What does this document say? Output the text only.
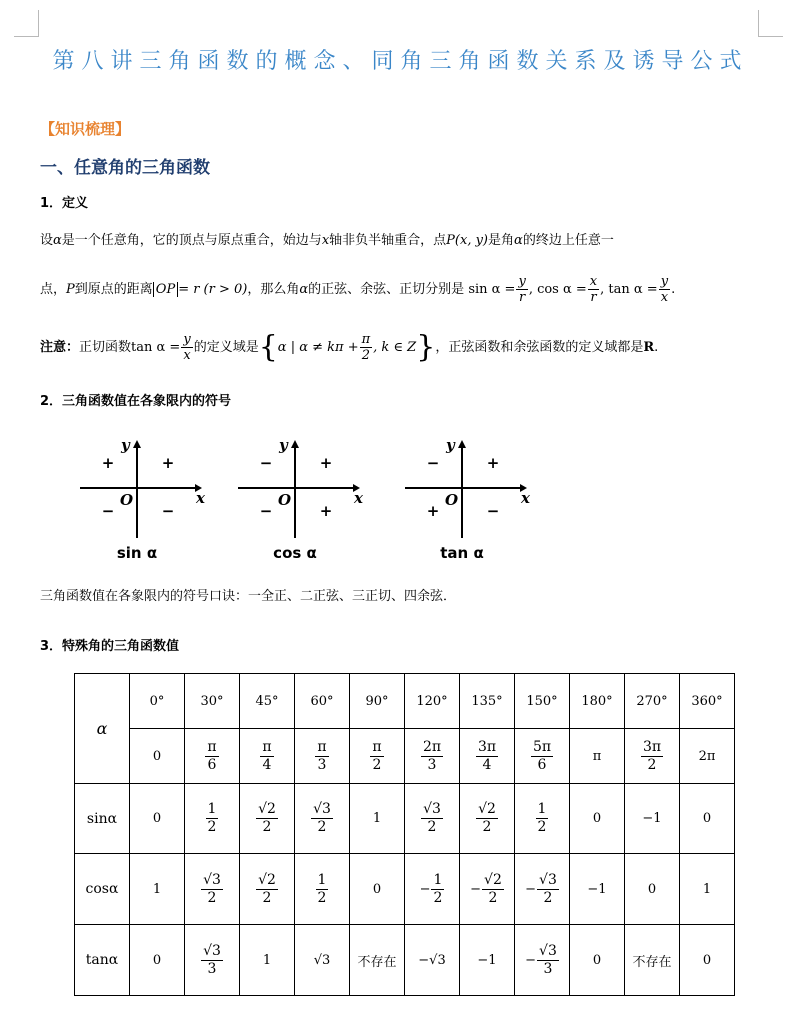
第八讲三角函数的概念、同角三角函数关系及诱导公式
【知识梳理】
一、任意角的三角函数
1．定义
设α是一个任意角，它的顶点与原点重合，始边与x轴非负半轴重合，点P(x, y)是角α的终边上任意一
点，P到原点的距离 OP = r (r > 0)，那么角α的正弦、余弦、正切分别是 $\sin \alpha = \frac{y}{r}$ , $\cos \alpha = \frac{x}{r}$ , $\tan \alpha = \frac{y}{x}$ .
注意：正切函数$\tan \alpha = \frac{y}{x}$ 的定义域是{α | $\alpha \ne k\pi + \frac{\pi}{2}$ , k ∈ Z}，正弦函数和余弦函数的定义域都是R.
2．三角函数值在各象限内的符号
x
y
O
+
+
−	−
sin α
x
y
O
+
−
−	+
cos α
x
y
O
+
−
+	−
tan α
三角函数值在各象限内的符号口诀：一全正、二正弦、三正切、四余弦．
3．特殊角的三角函数值
α	0°	30°	45°	60°	90°	120°	135°	150°	180°	270°	360°
	0	$\frac{\pi}{6}$	$\frac{\pi}{4}$	$\frac{\pi}{3}$	$\frac{\pi}{2}$	$\frac{2\pi}{3}$	$\frac{3\pi}{4}$	$\frac{5\pi}{6}$	π	$\frac{3\pi}{2}$	2π
sinα	0	$\frac{1}{2}$	$\frac{√2}{2}$	$\frac{√3}{2}$	1	$\frac{√3}{2}$	$\frac{√2}{2}$	$\frac{1}{2}$	0	−1	0
cosα	1	$\frac{√3}{2}$	$\frac{√2}{2}$	$\frac{1}{2}$	0	− $\frac{1}{2}$	− $\frac{√2}{2}$	− $\frac{√3}{2}$	−1	0	1
tanα	0	$\frac{√3}{3}$	1	√3	不存在	−√3	−1	− $\frac{√3}{3}$	0	不存在	0
